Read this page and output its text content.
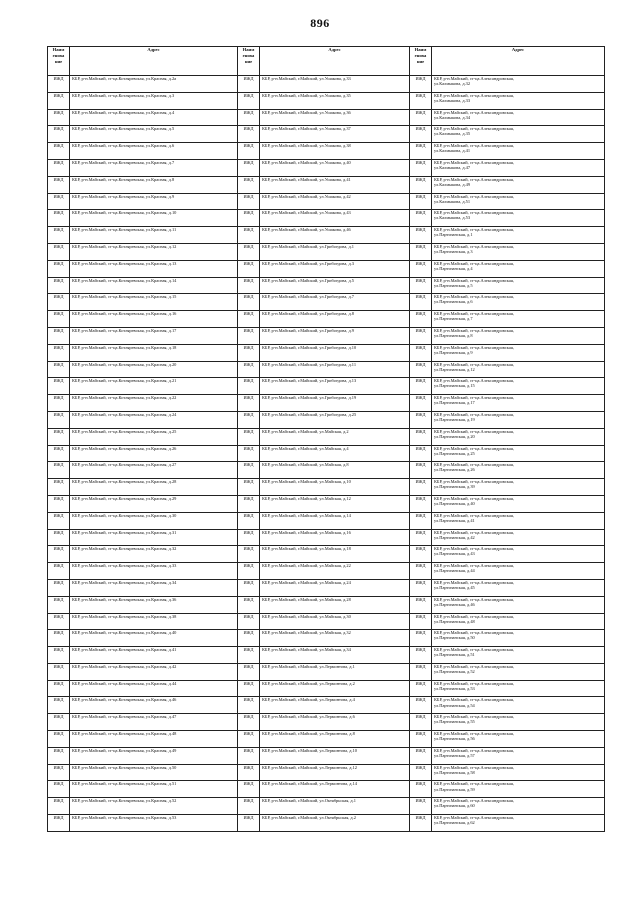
896
Наим
енова
ние	Адрес	Наим
енова
ние	Адрес	Наим
енова
ние	Адрес
ИЖД	КБР, р-н.Майский, ст-ца.Котляревская, ул.Красная, д.2а	ИЖД	КБР, р-н.Майский, г.Майский, ул.Ушакова, д.33	ИЖД	КБР, р-н.Майский, ст-ца.Александровская,
ул.Калмыкова, д.32

ИЖД	КБР, р-н.Майский, ст-ца.Котляревская, ул.Красная, д.3	ИЖД	КБР, р-н.Майский, г.Майский, ул.Ушакова, д.35	ИЖД	КБР, р-н.Майский, ст-ца.Александровская,
ул.Калмыкова, д.33

ИЖД	КБР, р-н.Майский, ст-ца.Котляревская, ул.Красная, д.4	ИЖД	КБР, р-н.Майский, г.Майский, ул.Ушакова, д.36	ИЖД	КБР, р-н.Майский, ст-ца.Александровская,
ул.Калмыкова, д.34

ИЖД	КБР, р-н.Майский, ст-ца.Котляревская, ул.Красная, д.5	ИЖД	КБР, р-н.Майский, г.Майский, ул.Ушакова, д.37	ИЖД	КБР, р-н.Майский, ст-ца.Александровская,
ул.Калмыкова, д.35

ИЖД	КБР, р-н.Майский, ст-ца.Котляревская, ул.Красная, д.6	ИЖД	КБР, р-н.Майский, г.Майский, ул.Ушакова, д.38	ИЖД	КБР, р-н.Майский, ст-ца.Александровская,
ул.Калмыкова, д.41

ИЖД	КБР, р-н.Майский, ст-ца.Котляревская, ул.Красная, д.7	ИЖД	КБР, р-н.Майский, г.Майский, ул.Ушакова, д.40	ИЖД	КБР, р-н.Майский, ст-ца.Александровская,
ул.Калмыкова, д.47

ИЖД	КБР, р-н.Майский, ст-ца.Котляревская, ул.Красная, д.8	ИЖД	КБР, р-н.Майский, г.Майский, ул.Ушакова, д.41	ИЖД	КБР, р-н.Майский, ст-ца.Александровская,
ул.Калмыкова, д.49

ИЖД	КБР, р-н.Майский, ст-ца.Котляревская, ул.Красная, д.9	ИЖД	КБР, р-н.Майский, г.Майский, ул.Ушакова, д.42	ИЖД	КБР, р-н.Майский, ст-ца.Александровская,
ул.Калмыкова, д.51

ИЖД	КБР, р-н.Майский, ст-ца.Котляревская, ул.Красная, д.10	ИЖД	КБР, р-н.Майский, г.Майский, ул.Ушакова, д.43	ИЖД	КБР, р-н.Майский, ст-ца.Александровская,
ул.Калмыкова, д.53

ИЖД	КБР, р-н.Майский, ст-ца.Котляревская, ул.Красная, д.11	ИЖД	КБР, р-н.Майский, г.Майский, ул.Ушакова, д.46	ИЖД	КБР, р-н.Майский, ст-ца.Александровская,
ул.Партизанская, д.1

ИЖД	КБР, р-н.Майский, ст-ца.Котляревская, ул.Красная, д.12	ИЖД	КБР, р-н.Майский, г.Майский, ул.Грибоедова, д.1	ИЖД	КБР, р-н.Майский, ст-ца.Александровская,
ул.Партизанская, д.3

ИЖД	КБР, р-н.Майский, ст-ца.Котляревская, ул.Красная, д.13	ИЖД	КБР, р-н.Майский, г.Майский, ул.Грибоедова, д.3	ИЖД	КБР, р-н.Майский, ст-ца.Александровская,
ул.Партизанская, д.4

ИЖД	КБР, р-н.Майский, ст-ца.Котляревская, ул.Красная, д.14	ИЖД	КБР, р-н.Майский, г.Майский, ул.Грибоедова, д.5	ИЖД	КБР, р-н.Майский, ст-ца.Александровская,
ул.Партизанская, д.5

ИЖД	КБР, р-н.Майский, ст-ца.Котляревская, ул.Красная, д.15	ИЖД	КБР, р-н.Майский, г.Майский, ул.Грибоедова, д.7	ИЖД	КБР, р-н.Майский, ст-ца.Александровская,
ул.Партизанская, д.6

ИЖД	КБР, р-н.Майский, ст-ца.Котляревская, ул.Красная, д.16	ИЖД	КБР, р-н.Майский, г.Майский, ул.Грибоедова, д.8	ИЖД	КБР, р-н.Майский, ст-ца.Александровская,
ул.Партизанская, д.7

ИЖД	КБР, р-н.Майский, ст-ца.Котляревская, ул.Красная, д.17	ИЖД	КБР, р-н.Майский, г.Майский, ул.Грибоедова, д.9	ИЖД	КБР, р-н.Майский, ст-ца.Александровская,
ул.Партизанская, д.8

ИЖД	КБР, р-н.Майский, ст-ца.Котляревская, ул.Красная, д.18	ИЖД	КБР, р-н.Майский, г.Майский, ул.Грибоедова, д.10	ИЖД	КБР, р-н.Майский, ст-ца.Александровская,
ул.Партизанская, д.9

ИЖД	КБР, р-н.Майский, ст-ца.Котляревская, ул.Красная, д.20	ИЖД	КБР, р-н.Майский, г.Майский, ул.Грибоедова, д.11	ИЖД	КБР, р-н.Майский, ст-ца.Александровская,
ул.Партизанская, д.12

ИЖД	КБР, р-н.Майский, ст-ца.Котляревская, ул.Красная, д.21	ИЖД	КБР, р-н.Майский, г.Майский, ул.Грибоедова, д.13	ИЖД	КБР, р-н.Майский, ст-ца.Александровская,
ул.Партизанская, д.15

ИЖД	КБР, р-н.Майский, ст-ца.Котляревская, ул.Красная, д.22	ИЖД	КБР, р-н.Майский, г.Майский, ул.Грибоедова, д.19	ИЖД	КБР, р-н.Майский, ст-ца.Александровская,
ул.Партизанская, д.17

ИЖД	КБР, р-н.Майский, ст-ца.Котляревская, ул.Красная, д.24	ИЖД	КБР, р-н.Майский, г.Майский, ул.Грибоедова, д.25	ИЖД	КБР, р-н.Майский, ст-ца.Александровская,
ул.Партизанская, д.19

ИЖД	КБР, р-н.Майский, ст-ца.Котляревская, ул.Красная, д.25	ИЖД	КБР, р-н.Майский, г.Майский, ул.Майская, д.2	ИЖД	КБР, р-н.Майский, ст-ца.Александровская,
ул.Партизанская, д.20

ИЖД	КБР, р-н.Майский, ст-ца.Котляревская, ул.Красная, д.26	ИЖД	КБР, р-н.Майский, г.Майский, ул.Майская, д.4	ИЖД	КБР, р-н.Майский, ст-ца.Александровская,
ул.Партизанская, д.25

ИЖД	КБР, р-н.Майский, ст-ца.Котляревская, ул.Красная, д.27	ИЖД	КБР, р-н.Майский, г.Майский, ул.Майская, д.8	ИЖД	КБР, р-н.Майский, ст-ца.Александровская,
ул.Партизанская, д.26

ИЖД	КБР, р-н.Майский, ст-ца.Котляревская, ул.Красная, д.28	ИЖД	КБР, р-н.Майский, г.Майский, ул.Майская, д.10	ИЖД	КБР, р-н.Майский, ст-ца.Александровская,
ул.Партизанская, д.39

ИЖД	КБР, р-н.Майский, ст-ца.Котляревская, ул.Красная, д.29	ИЖД	КБР, р-н.Майский, г.Майский, ул.Майская, д.12	ИЖД	КБР, р-н.Майский, ст-ца.Александровская,
ул.Партизанская, д.40

ИЖД	КБР, р-н.Майский, ст-ца.Котляревская, ул.Красная, д.30	ИЖД	КБР, р-н.Майский, г.Майский, ул.Майская, д.14	ИЖД	КБР, р-н.Майский, ст-ца.Александровская,
ул.Партизанская, д.41

ИЖД	КБР, р-н.Майский, ст-ца.Котляревская, ул.Красная, д.31	ИЖД	КБР, р-н.Майский, г.Майский, ул.Майская, д.16	ИЖД	КБР, р-н.Майский, ст-ца.Александровская,
ул.Партизанская, д.42

ИЖД	КБР, р-н.Майский, ст-ца.Котляревская, ул.Красная, д.32	ИЖД	КБР, р-н.Майский, г.Майский, ул.Майская, д.18	ИЖД	КБР, р-н.Майский, ст-ца.Александровская,
ул.Партизанская, д.43

ИЖД	КБР, р-н.Майский, ст-ца.Котляревская, ул.Красная, д.33	ИЖД	КБР, р-н.Майский, г.Майский, ул.Майская, д.22	ИЖД	КБР, р-н.Майский, ст-ца.Александровская,
ул.Партизанская, д.44

ИЖД	КБР, р-н.Майский, ст-ца.Котляревская, ул.Красная, д.34	ИЖД	КБР, р-н.Майский, г.Майский, ул.Майская, д.24	ИЖД	КБР, р-н.Майский, ст-ца.Александровская,
ул.Партизанская, д.45

ИЖД	КБР, р-н.Майский, ст-ца.Котляревская, ул.Красная, д.36	ИЖД	КБР, р-н.Майский, г.Майский, ул.Майская, д.28	ИЖД	КБР, р-н.Майский, ст-ца.Александровская,
ул.Партизанская, д.46

ИЖД	КБР, р-н.Майский, ст-ца.Котляревская, ул.Красная, д.38	ИЖД	КБР, р-н.Майский, г.Майский, ул.Майская, д.30	ИЖД	КБР, р-н.Майский, ст-ца.Александровская,
ул.Партизанская, д.48

ИЖД	КБР, р-н.Майский, ст-ца.Котляревская, ул.Красная, д.40	ИЖД	КБР, р-н.Майский, г.Майский, ул.Майская, д.32	ИЖД	КБР, р-н.Майский, ст-ца.Александровская,
ул.Партизанская, д.50

ИЖД	КБР, р-н.Майский, ст-ца.Котляревская, ул.Красная, д.41	ИЖД	КБР, р-н.Майский, г.Майский, ул.Майская, д.34	ИЖД	КБР, р-н.Майский, ст-ца.Александровская,
ул.Партизанская, д.51

ИЖД	КБР, р-н.Майский, ст-ца.Котляревская, ул.Красная, д.42	ИЖД	КБР, р-н.Майский, г.Майский, ул.Лермонтова, д.1	ИЖД	КБР, р-н.Майский, ст-ца.Александровская,
ул.Партизанская, д.52

ИЖД	КБР, р-н.Майский, ст-ца.Котляревская, ул.Красная, д.44	ИЖД	КБР, р-н.Майский, г.Майский, ул.Лермонтова, д.2	ИЖД	КБР, р-н.Майский, ст-ца.Александровская,
ул.Партизанская, д.53

ИЖД	КБР, р-н.Майский, ст-ца.Котляревская, ул.Красная, д.46	ИЖД	КБР, р-н.Майский, г.Майский, ул.Лермонтова, д.4	ИЖД	КБР, р-н.Майский, ст-ца.Александровская,
ул.Партизанская, д.54

ИЖД	КБР, р-н.Майский, ст-ца.Котляревская, ул.Красная, д.47	ИЖД	КБР, р-н.Майский, г.Майский, ул.Лермонтова, д.6	ИЖД	КБР, р-н.Майский, ст-ца.Александровская,
ул.Партизанская, д.55

ИЖД	КБР, р-н.Майский, ст-ца.Котляревская, ул.Красная, д.48	ИЖД	КБР, р-н.Майский, г.Майский, ул.Лермонтова, д.8	ИЖД	КБР, р-н.Майский, ст-ца.Александровская,
ул.Партизанская, д.56

ИЖД	КБР, р-н.Майский, ст-ца.Котляревская, ул.Красная, д.49	ИЖД	КБР, р-н.Майский, г.Майский, ул.Лермонтова, д.10	ИЖД	КБР, р-н.Майский, ст-ца.Александровская,
ул.Партизанская, д.57

ИЖД	КБР, р-н.Майский, ст-ца.Котляревская, ул.Красная, д.50	ИЖД	КБР, р-н.Майский, г.Майский, ул.Лермонтова, д.12	ИЖД	КБР, р-н.Майский, ст-ца.Александровская,
ул.Партизанская, д.58

ИЖД	КБР, р-н.Майский, ст-ца.Котляревская, ул.Красная, д.51	ИЖД	КБР, р-н.Майский, г.Майский, ул.Лермонтова, д.14	ИЖД	КБР, р-н.Майский, ст-ца.Александровская,
ул.Партизанская, д.59

ИЖД	КБР, р-н.Майский, ст-ца.Котляревская, ул.Красная, д.52	ИЖД	КБР, р-н.Майский, г.Майский, ул.Октябрьская, д.1	ИЖД	КБР, р-н.Майский, ст-ца.Александровская,
ул.Партизанская, д.60

ИЖД	КБР, р-н.Майский, ст-ца.Котляревская, ул.Красная, д.53	ИЖД	КБР, р-н.Майский, г.Майский, ул.Октябрьская, д.2	ИЖД	КБР, р-н.Майский, ст-ца.Александровская,
ул.Партизанская, д.62
